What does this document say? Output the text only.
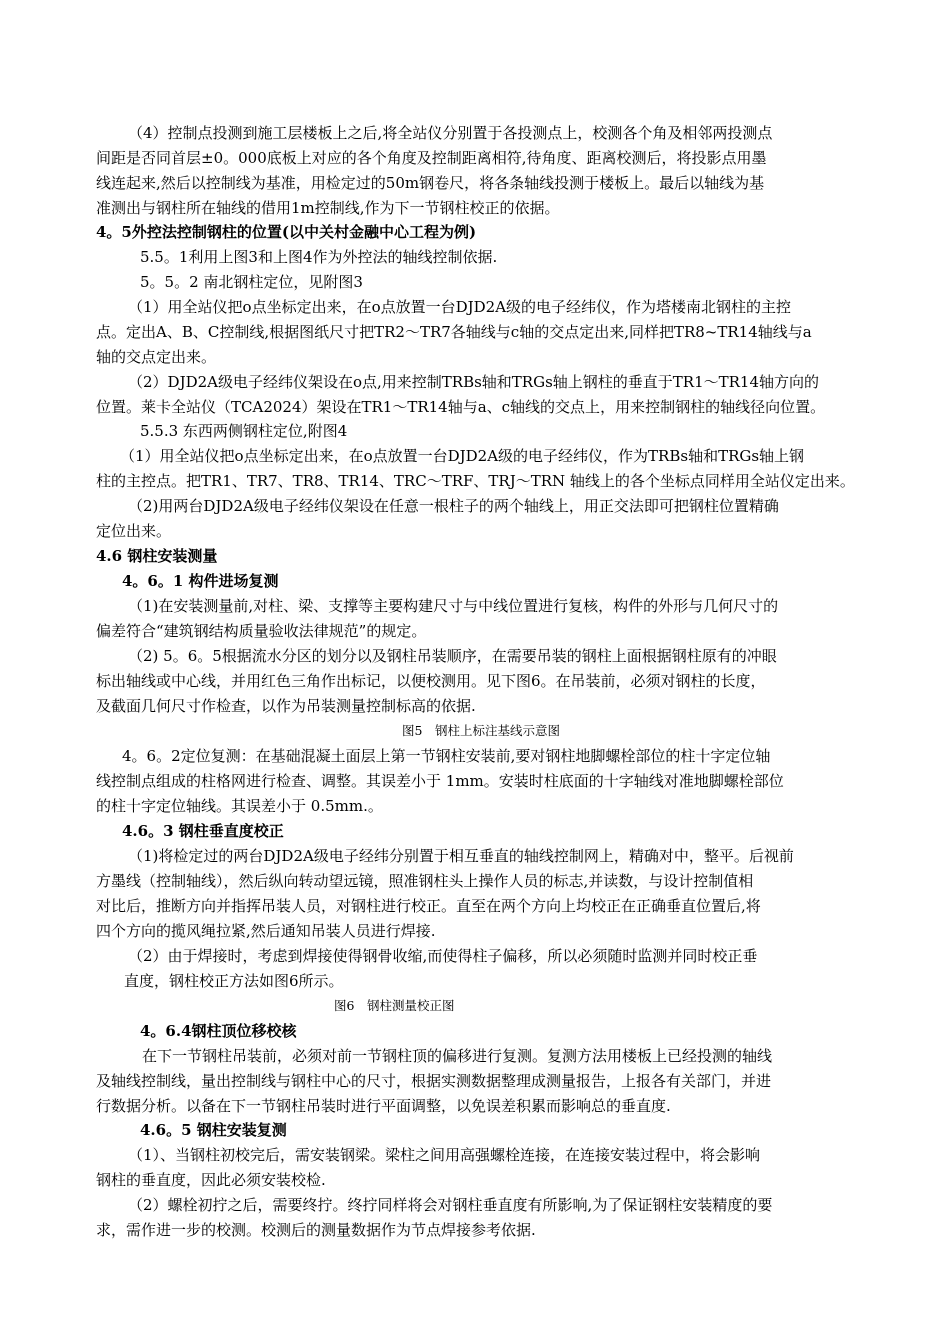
（4）控制点投测到施工层楼板上之后,将全站仪分别置于各投测点上，校测各个角及相邻两投测点
间距是否同首层±0。000底板上对应的各个角度及控制距离相符,待角度、距离校测后，将投影点用墨
线连起来,然后以控制线为基准，用检定过的50m钢卷尺，将各条轴线投测于楼板上。最后以轴线为基
准测出与钢柱所在轴线的借用1m控制线,作为下一节钢柱校正的依据。
4。5外控法控制钢柱的位置(以中关村金融中心工程为例)
5.5。1利用上图3和上图4作为外控法的轴线控制依据.
5。5。2 南北钢柱定位，见附图3
（1）用全站仪把o点坐标定出来，在o点放置一台DJD2A级的电子经纬仪，作为塔楼南北钢柱的主控
点。定出A、B、C控制线,根据图纸尺寸把TR2～TR7各轴线与c轴的交点定出来,同样把TR8~TR14轴线与a
轴的交点定出来。
（2）DJD2A级电子经纬仪架设在o点,用来控制TRBs轴和TRGs轴上钢柱的垂直于TR1～TR14轴方向的
位置。莱卡全站仪（TCA2024）架设在TR1～TR14轴与a、c轴线的交点上，用来控制钢柱的轴线径向位置。
5.5.3 东西两侧钢柱定位,附图4
（1）用全站仪把o点坐标定出来，在o点放置一台DJD2A级的电子经纬仪，作为TRBs轴和TRGs轴上钢
柱的主控点。把TR1、TR7、TR8、TR14、TRC～TRF、TRJ～TRN 轴线上的各个坐标点同样用全站仪定出来。
（2)用两台DJD2A级电子经纬仪架设在任意一根柱子的两个轴线上，用正交法即可把钢柱位置精确
定位出来。
4.6 钢柱安装测量
4。6。1 构件进场复测
（1)在安装测量前,对柱、梁、支撑等主要构建尺寸与中线位置进行复核，构件的外形与几何尺寸的
偏差符合“建筑钢结构质量验收法律规范”的规定。
（2) 5。6。5根据流水分区的划分以及钢柱吊装顺序，在需要吊装的钢柱上面根据钢柱原有的冲眼
标出轴线或中心线，并用红色三角作出标记，以便校测用。见下图6。在吊装前，必须对钢柱的长度，
及截面几何尺寸作检查，以作为吊装测量控制标高的依据.
图5　钢柱上标注基线示意图
4。6。2定位复测：在基础混凝土面层上第一节钢柱安装前,要对钢柱地脚螺栓部位的柱十字定位轴
线控制点组成的柱格网进行检查、调整。其误差小于 1mm。安装时柱底面的十字轴线对准地脚螺栓部位
的柱十字定位轴线。其误差小于 0.5mm.。
4.6。3 钢柱垂直度校正
（1)将检定过的两台DJD2A级电子经纬分别置于相互垂直的轴线控制网上，精确对中，整平。后视前
方墨线（控制轴线），然后纵向转动望远镜，照准钢柱头上操作人员的标志,并读数，与设计控制值相
对比后，推断方向并指挥吊装人员，对钢柱进行校正。直至在两个方向上均校正在正确垂直位置后,将
四个方向的揽风绳拉紧,然后通知吊装人员进行焊接.
（2）由于焊接时，考虑到焊接使得钢骨收缩,而使得柱子偏移，所以必须随时监测并同时校正垂
直度，钢柱校正方法如图6所示。
图6　钢柱测量校正图
4。6.4钢柱顶位移校核
在下一节钢柱吊装前，必须对前一节钢柱顶的偏移进行复测。复测方法用楼板上已经投测的轴线
及轴线控制线，量出控制线与钢柱中心的尺寸，根据实测数据整理成测量报告，上报各有关部门，并进
行数据分析。以备在下一节钢柱吊装时进行平面调整，以免误差积累而影响总的垂直度.
4.6。5 钢柱安装复测
（1）、当钢柱初校完后，需安装钢梁。梁柱之间用高强螺栓连接，在连接安装过程中，将会影响
钢柱的垂直度，因此必须安装校检.
（2）螺栓初拧之后，需要终拧。终拧同样将会对钢柱垂直度有所影响,为了保证钢柱安装精度的要
求，需作进一步的校测。校测后的测量数据作为节点焊接参考依据.
